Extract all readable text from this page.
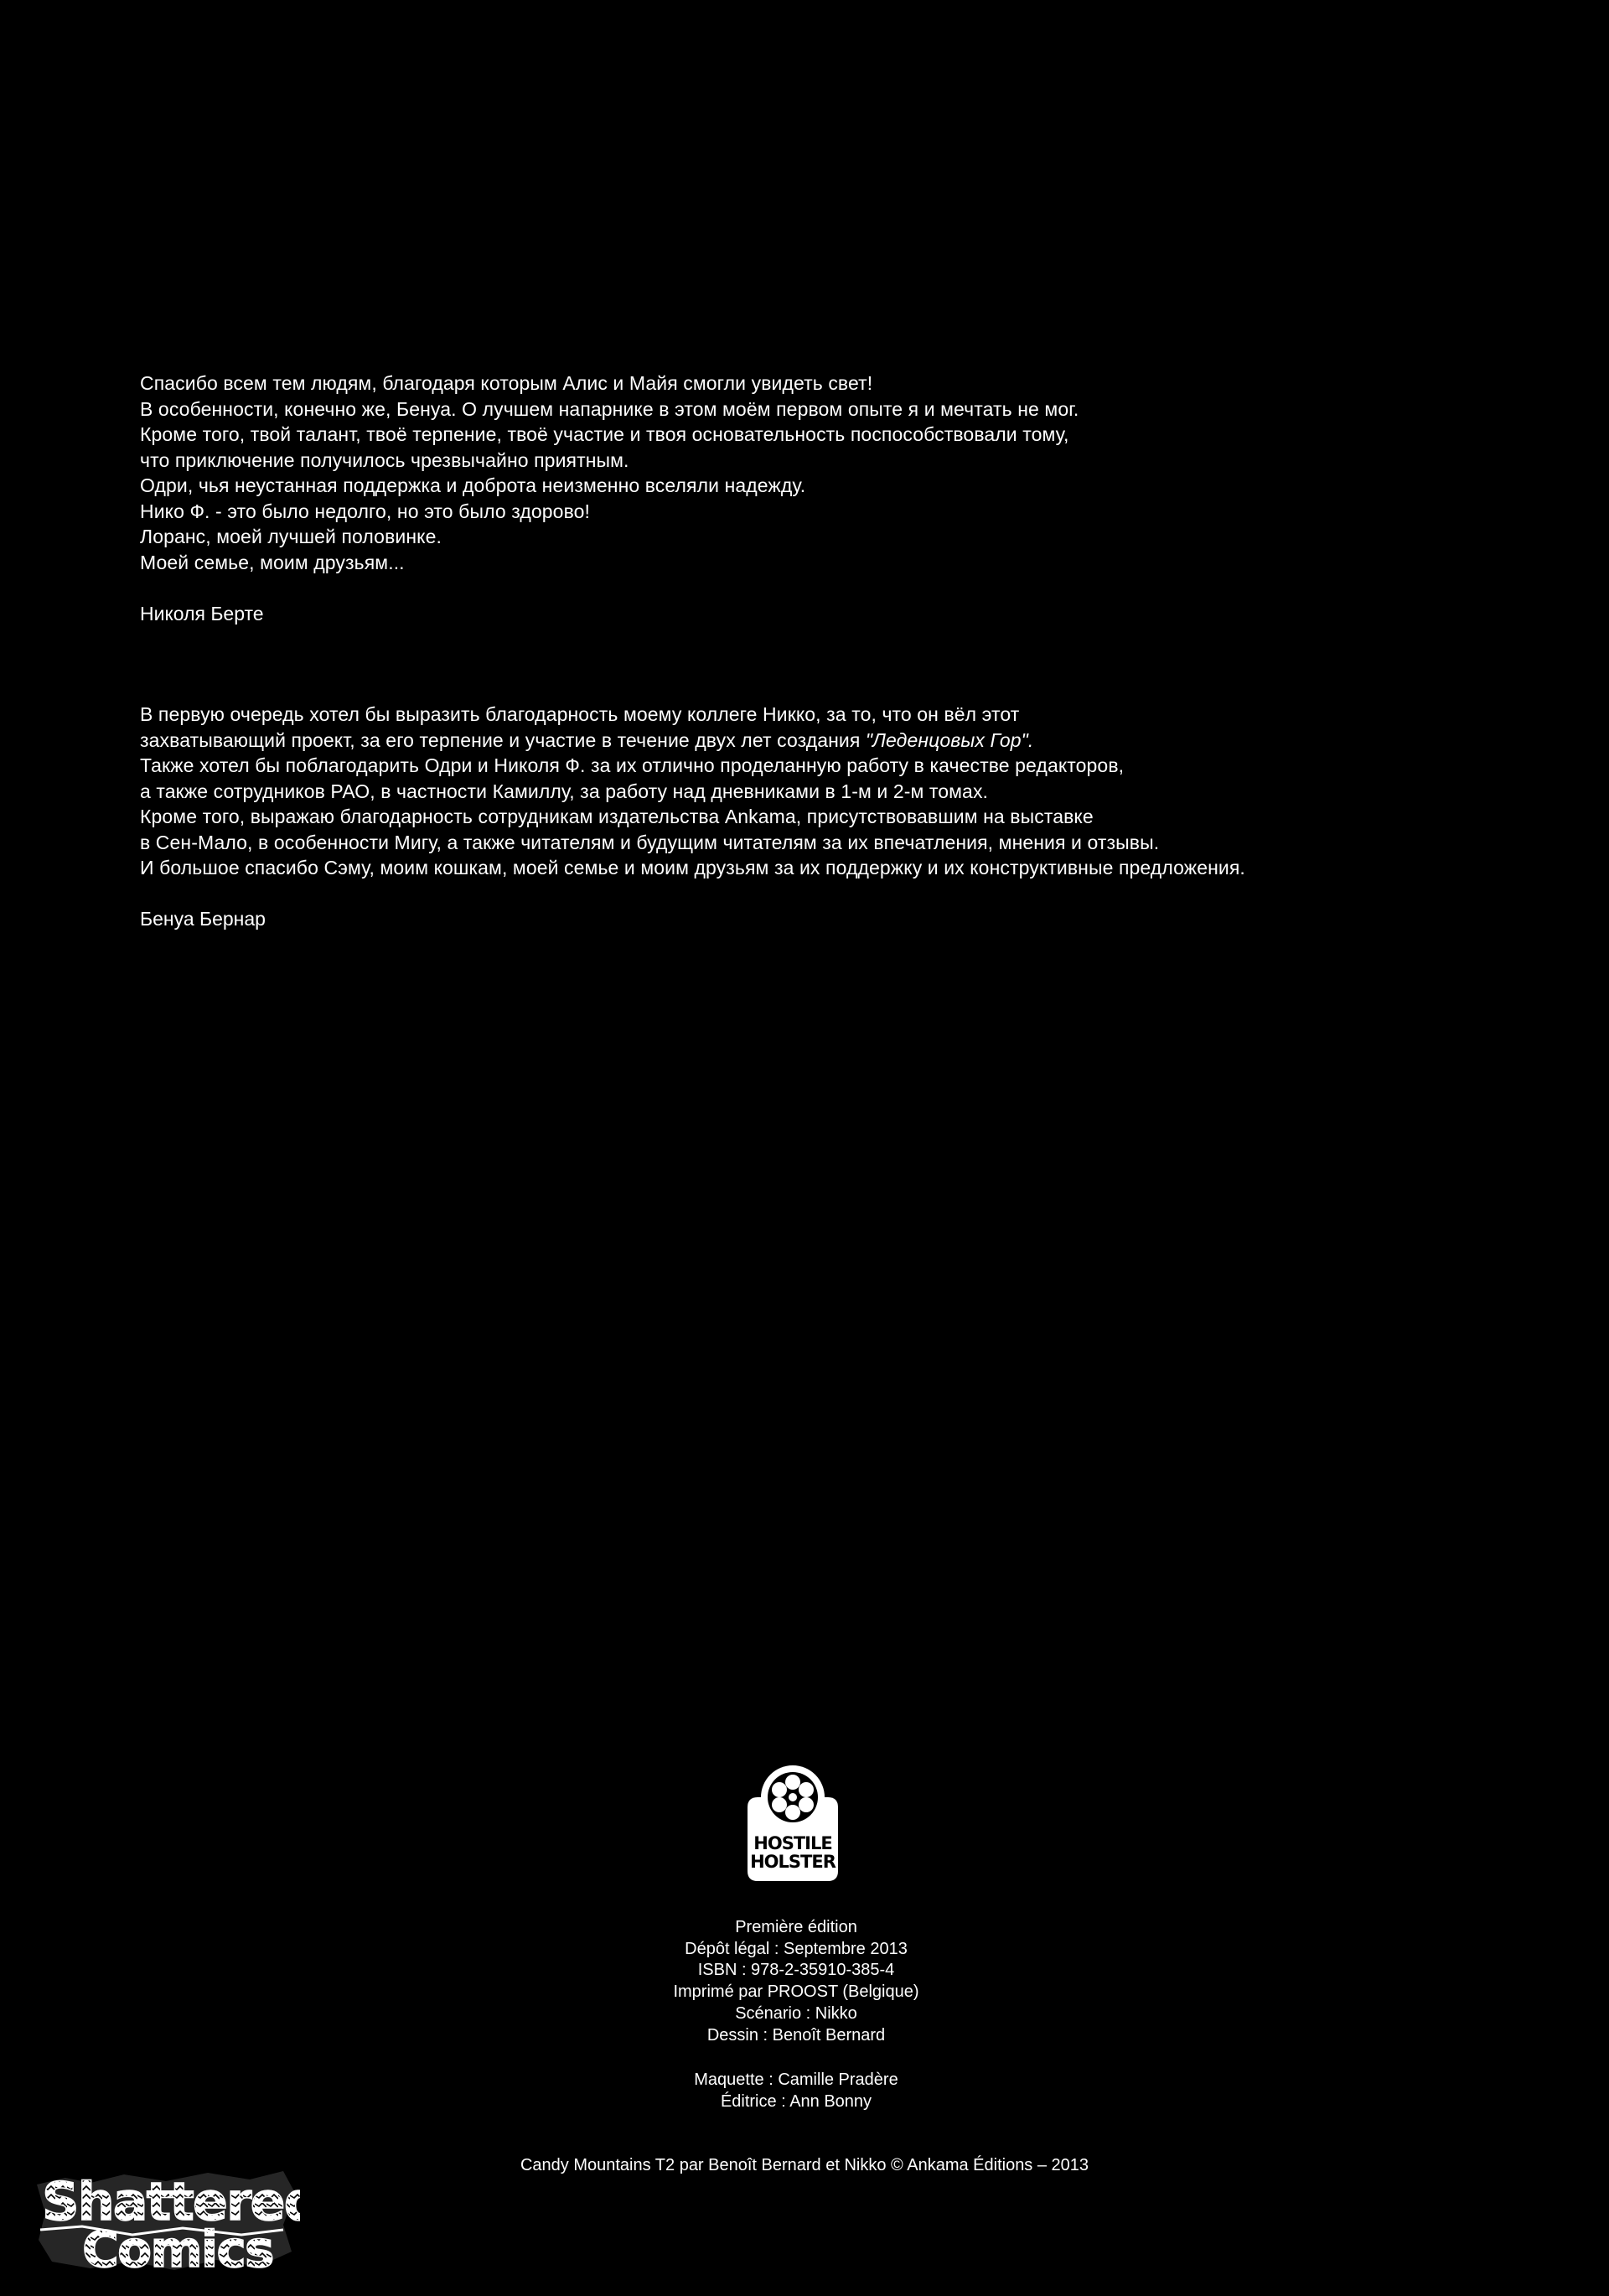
Спасибо всем тем людям, благодаря которым Алис и Майя смогли увидеть свет!

В особенности, конечно же, Бенуа. О лучшем напарнике в этом моём первом опыте я и мечтать не мог.

Кроме того, твой талант, твоё терпение, твоё участие и твоя основательность поспособствовали тому,

что приключение получилось чрезвычайно приятным.

Одри, чья неустанная поддержка и доброта неизменно вселяли надежду.

Нико Ф. - это было недолго, но это было здорово!

Лоранс, моей лучшей половинке.

Моей семье, моим друзьям...

Николя Берте

В первую очередь хотел бы выразить благодарность моему коллеге Никко, за то, что он вёл этот

захватывающий проект, за его терпение и участие в течение двух лет создания "Леденцовых Гор".

Также хотел бы поблагодарить Одри и Николя Ф. за их отлично проделанную работу в качестве редакторов,

а также сотрудников РАО, в частности Камиллу, за работу над дневниками в 1-м и 2-м томах.

Кроме того, выражаю благодарность сотрудникам издательства Ankama, присутствовавшим на выставке

в Сен-Мало, в особенности Мигу, а также читателям и будущим читателям за их впечатления, мнения и отзывы.

И большое спасибо Сэму, моим кошкам, моей семье и моим друзьям за их поддержку и их конструктивные предложения.

Бенуа Бернар

HOSTILE
HOLSTER

Première édition

Dépôt légal : Septembre 2013

ISBN : 978-2-35910-385-4

Imprimé par PROOST (Belgique)

Scénario : Nikko

Dessin : Benoît Bernard

Maquette : Camille Pradère

Éditrice : Ann Bonny

Candy Mountains T2 par Benoît Bernard et Nikko © Ankama Éditions – 2013

Shattered
Comics
